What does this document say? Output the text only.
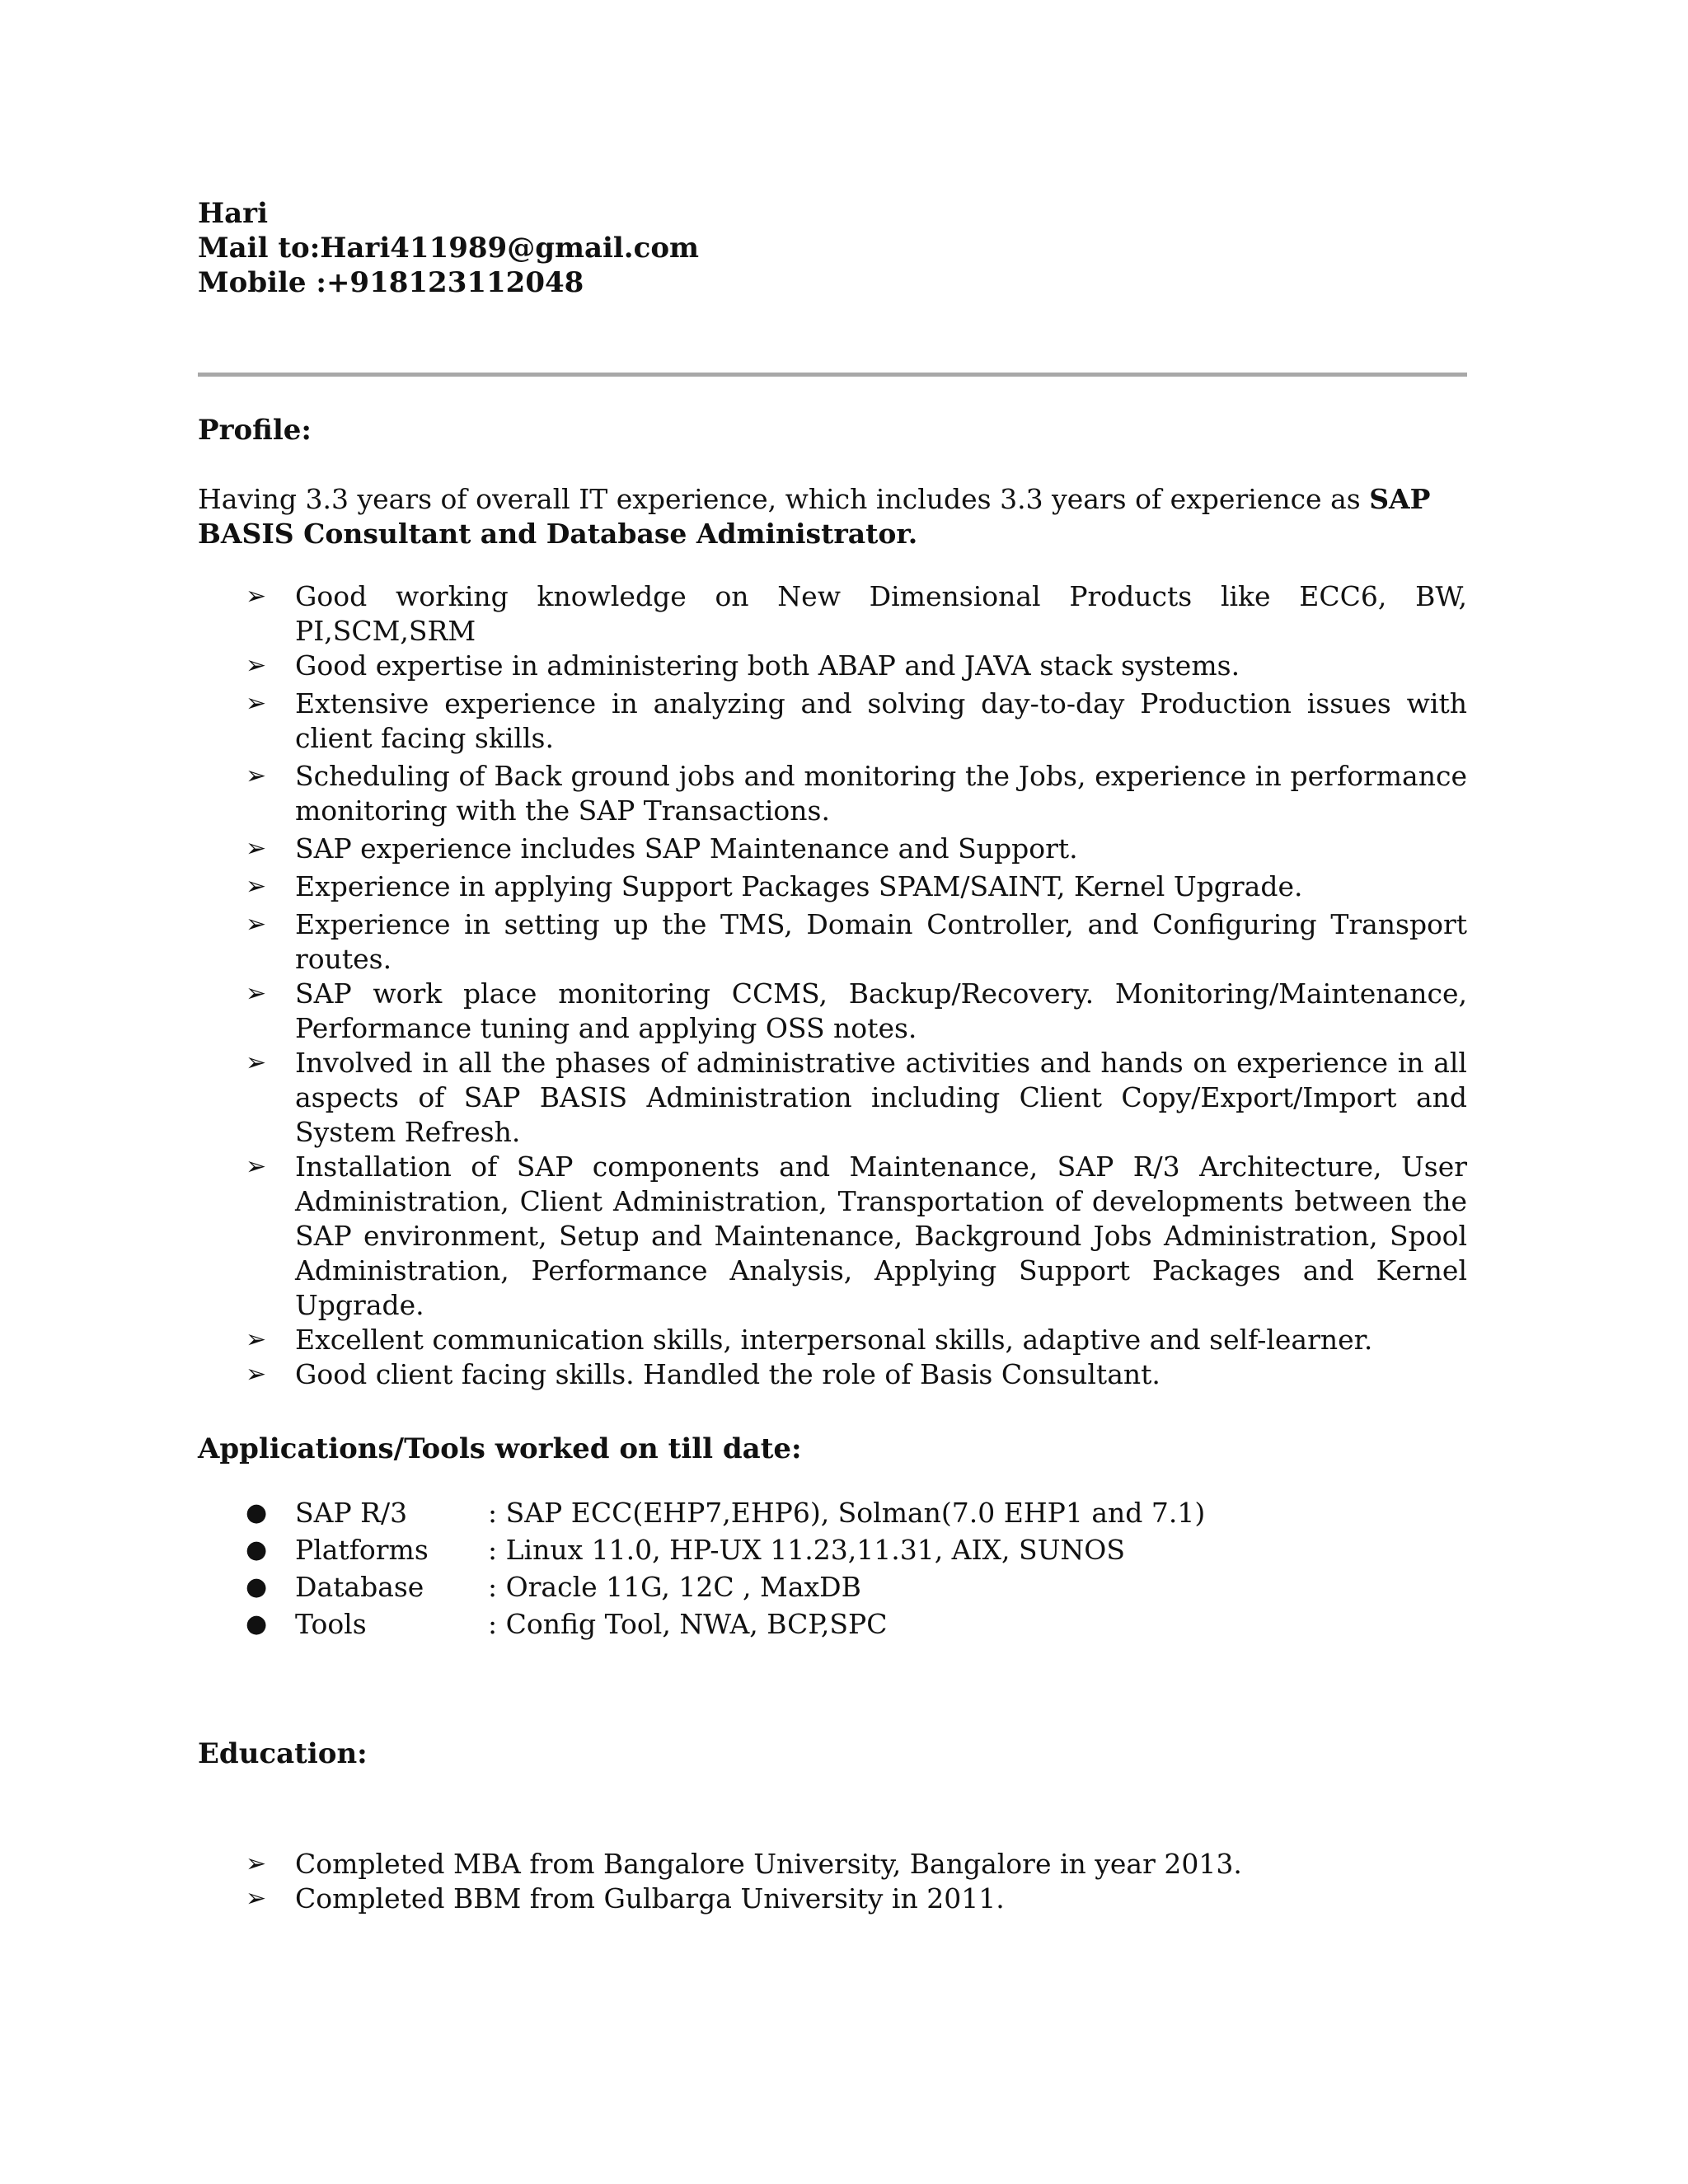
Hari

Mail to:Hari411989@gmail.com

Mobile :+918123112048

Profile:

Having 3.3 years of overall IT experience, which includes 3.3 years of experience as SAP BASIS Consultant and Database Administrator.

➢ Good working knowledge on New Dimensional Products like ECC6, BW, PI,SCM,SRM
➢ Good expertise in administering both ABAP and JAVA stack systems.
➢ Extensive experience in analyzing and solving day-to-day Production issues with client facing skills.
➢ Scheduling of Back ground jobs and monitoring the Jobs, experience in performance monitoring with the SAP Transactions.
➢ SAP experience includes SAP Maintenance and Support.
➢ Experience in applying Support Packages SPAM/SAINT, Kernel Upgrade.
➢ Experience in setting up the TMS, Domain Controller, and Configuring Transport routes.
➢ SAP work place monitoring CCMS, Backup/Recovery. Monitoring/Maintenance, Performance tuning and applying OSS notes.
➢ Involved in all the phases of administrative activities and hands on experience in all aspects of SAP BASIS Administration including Client Copy/Export/Import and System Refresh.
➢ Installation of SAP components and Maintenance, SAP R/3 Architecture, User Administration, Client Administration, Transportation of developments between the SAP environment, Setup and Maintenance, Background Jobs Administration, Spool Administration, Performance Analysis, Applying Support Packages and Kernel Upgrade.
➢ Excellent communication skills, interpersonal skills, adaptive and self-learner.
➢ Good client facing skills. Handled the role of Basis Consultant.

Applications/Tools worked on till date:

● SAP R/3	: SAP ECC(EHP7,EHP6), Solman(7.0 EHP1 and 7.1)
● Platforms : Linux 11.0, HP-UX 11.23,11.31, AIX, SUNOS
● Database : Oracle 11G, 12C , MaxDB
● Tools	: Config Tool, NWA, BCP,SPC

Education:

➢ Completed MBA from Bangalore University, Bangalore in year 2013.
➢ Completed BBM from Gulbarga University in 2011.
